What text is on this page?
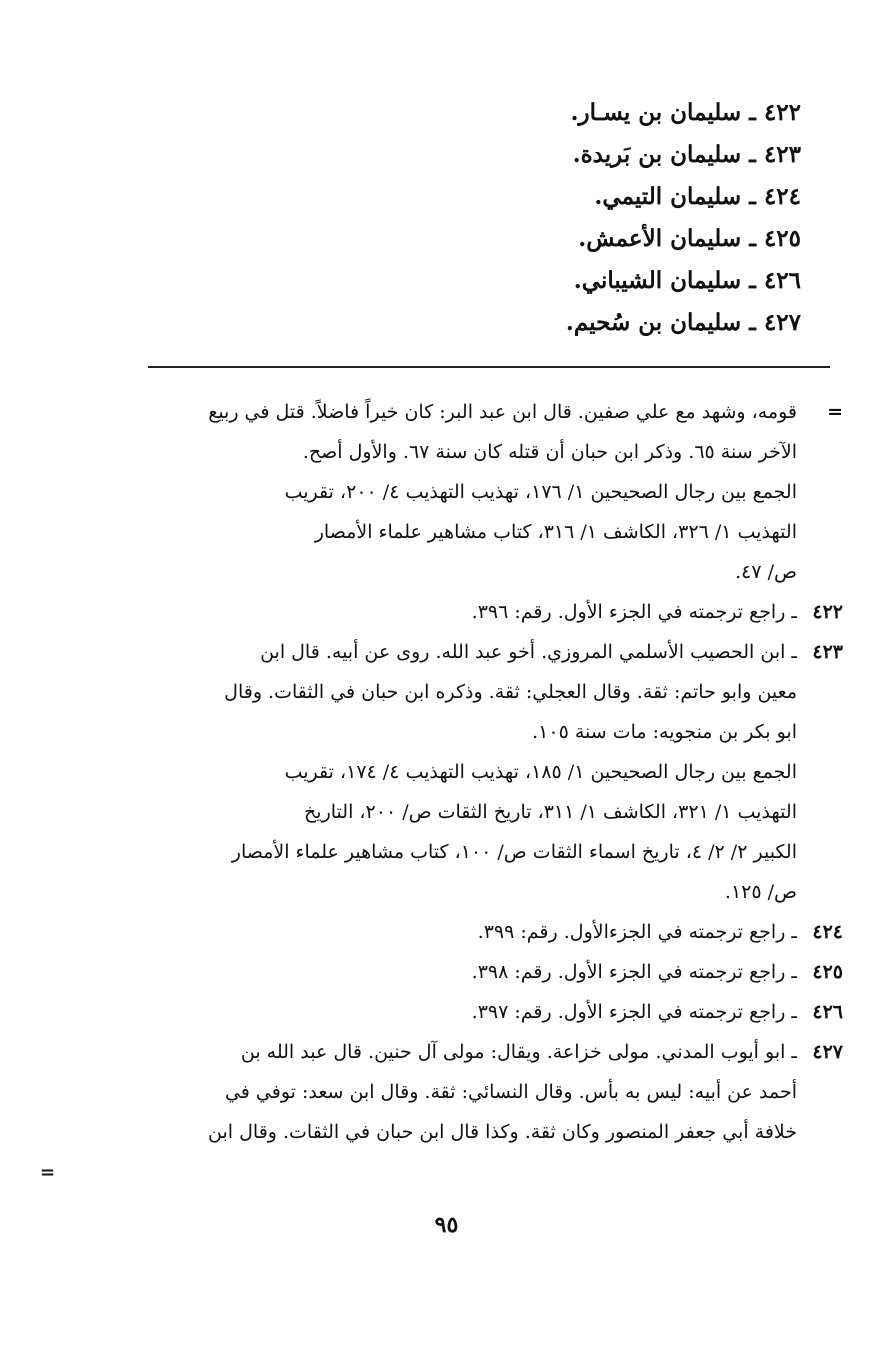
٤٢٢ ـ سليمان بن يسـار.
٤٢٣ ـ سليمان بن بَريدة.
٤٢٤ ـ سليمان التيمي.
٤٢٥ ـ سليمان الأعمش.
٤٢٦ ـ سليمان الشيباني.
٤٢٧ ـ سليمان بن سُحيم.

=قومه، وشهد مع علي صفين. قال ابن عبد البر: كان خيراً فاضلاً. قتل في ربيع

الآخر سنة ٦٥. وذكر ابن حبان أن قتله كان سنة ٦٧. والأول أصح.

الجمع بين رجال الصحيحين ١/ ١٧٦، تهذيب التهذيب ٤/ ٢٠٠، تقريب

التهذيب ١/ ٣٢٦، الكاشف ١/ ٣١٦، كتاب مشاهير علماء الأمصار

ص/ ٤٧.

٤٢٢ـ راجع ترجمته في الجزء الأول. رقم: ٣٩٦.

٤٢٣ـ ابن الحصيب الأسلمي المروزي. أخو عبد الله. روى عن أبيه. قال ابن

معين وابو حاتم: ثقة. وقال العجلي: ثقة. وذكره ابن حبان في الثقات. وقال

ابو بكر بن منجويه: مات سنة ١٠٥.

الجمع بين رجال الصحيحين ١/ ١٨٥، تهذيب التهذيب ٤/ ١٧٤، تقريب

التهذيب ١/ ٣٢١، الكاشف ١/ ٣١١، تاريخ الثقات ص/ ٢٠٠، التاريخ

الكبير ٢/ ٢/ ٤، تاريخ اسماء الثقات ص/ ١٠٠، كتاب مشاهير علماء الأمصار

ص/ ١٢٥.

٤٢٤ـ راجع ترجمته في الجزءالأول. رقم: ٣٩٩.

٤٢٥ـ راجع ترجمته في الجزء الأول. رقم: ٣٩٨.

٤٢٦ـ راجع ترجمته في الجزء الأول. رقم: ٣٩٧.

٤٢٧ـ ابو أيوب المدني. مولى خزاعة. ويقال: مولى آل حنين. قال عبد الله بن

أحمد عن أبيه: ليس به بأس. وقال النسائي: ثقة. وقال ابن سعد: توفي في

خلافة أبي جعفر المنصور وكان ثقة. وكذا قال ابن حبان في الثقات. وقال ابن

=
٩٥
